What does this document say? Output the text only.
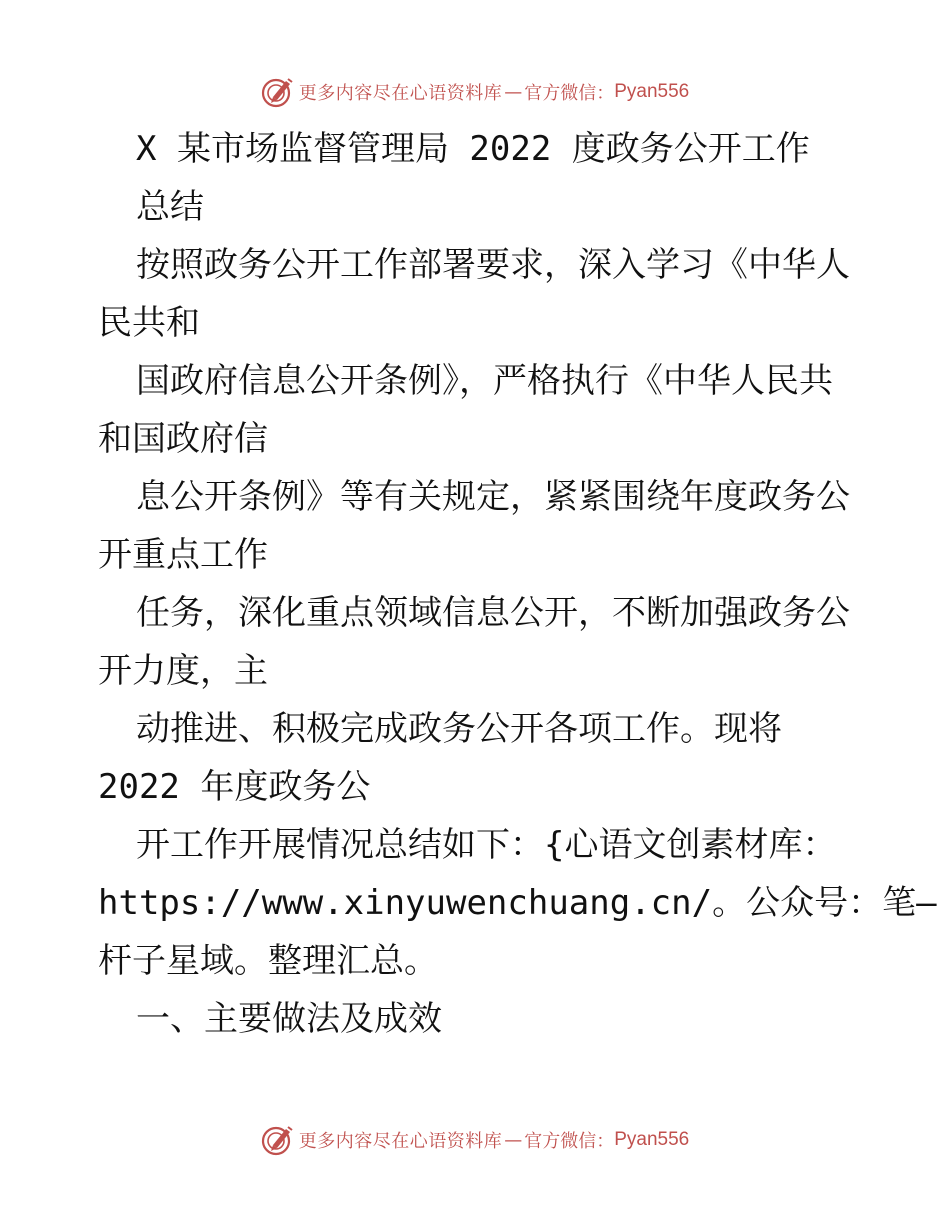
更多内容尽在心语资料库 — 官方微信： Pyan556
X 某市场监督管理局 2022 度政务公开工作
总结
按照政务公开工作部署要求，深入学习《中华人
民共和
国政府信息公开条例》，严格执行《中华人民共
和国政府信
息公开条例》等有关规定，紧紧围绕年度政务公
开重点工作
任务，深化重点领域信息公开，不断加强政务公
开力度，主
动推进、积极完成政务公开各项工作。现将
2022 年度政务公
开工作开展情况总结如下：{心语文创素材库：
https://www.xinyuwenchuang.cn/。公众号：笔—
杆子星域。整理汇总。
一、主要做法及成效
更多内容尽在心语资料库 — 官方微信： Pyan556
